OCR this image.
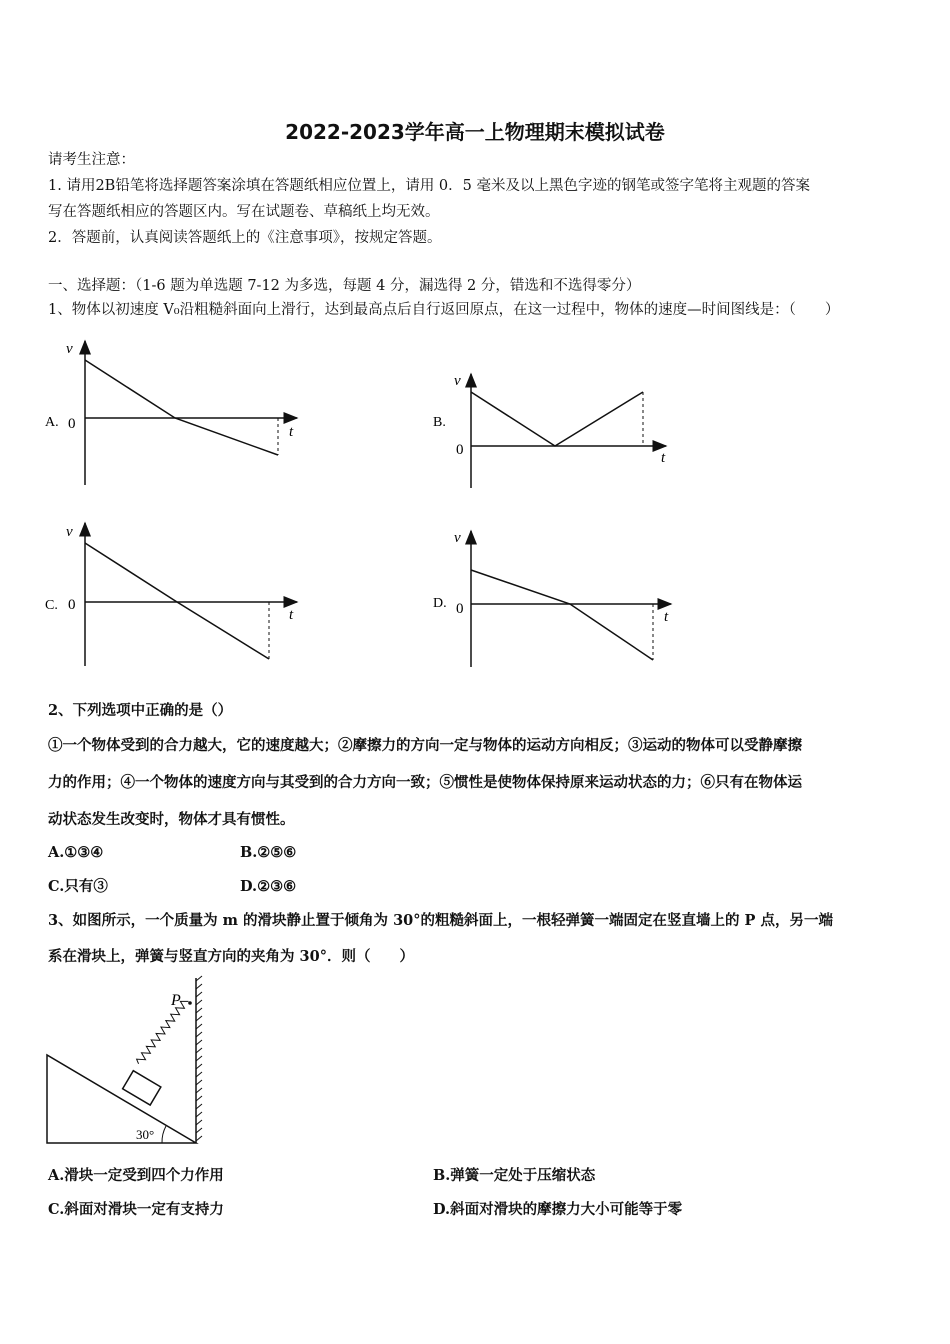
2022-2023学年高一上物理期末模拟试卷
请考生注意：
1. 请用2B铅笔将选择题答案涂填在答题纸相应位置上，请用 0．5 毫米及以上黑色字迹的钢笔或签字笔将主观题的答案
写在答题纸相应的答题区内。写在试题卷、草稿纸上均无效。
2．答题前，认真阅读答题纸上的《注意事项》，按规定答题。
一、选择题：（1-6 题为单选题 7-12 为多选，每题 4 分，漏选得 2 分，错选和不选得零分）
1、物体以初速度 V₀沿粗糙斜面向上滑行，达到最高点后自行返回原点，在这一过程中，物体的速度—时间图线是：（　　）
v
t
0
A.
v
t
0
B.
v
t
0
C.
v
t
0
D.
2、下列选项中正确的是（）
①一个物体受到的合力越大，它的速度越大；②摩擦力的方向一定与物体的运动方向相反；③运动的物体可以受静摩擦
力的作用；④一个物体的速度方向与其受到的合力方向一致；⑤惯性是使物体保持原来运动状态的力；⑥只有在物体运
动状态发生改变时，物体才具有惯性。
A.①③④	B.②⑤⑥
C.只有③	D.②③⑥
3、如图所示，一个质量为 m 的滑块静止置于倾角为 30°的粗糙斜面上，一根轻弹簧一端固定在竖直墙上的 P 点，另一端
系在滑块上，弹簧与竖直方向的夹角为 30°．则（　　）
30°
P
A.滑块一定受到四个力作用	B.弹簧一定处于压缩状态
C.斜面对滑块一定有支持力	D.斜面对滑块的摩擦力大小可能等于零
